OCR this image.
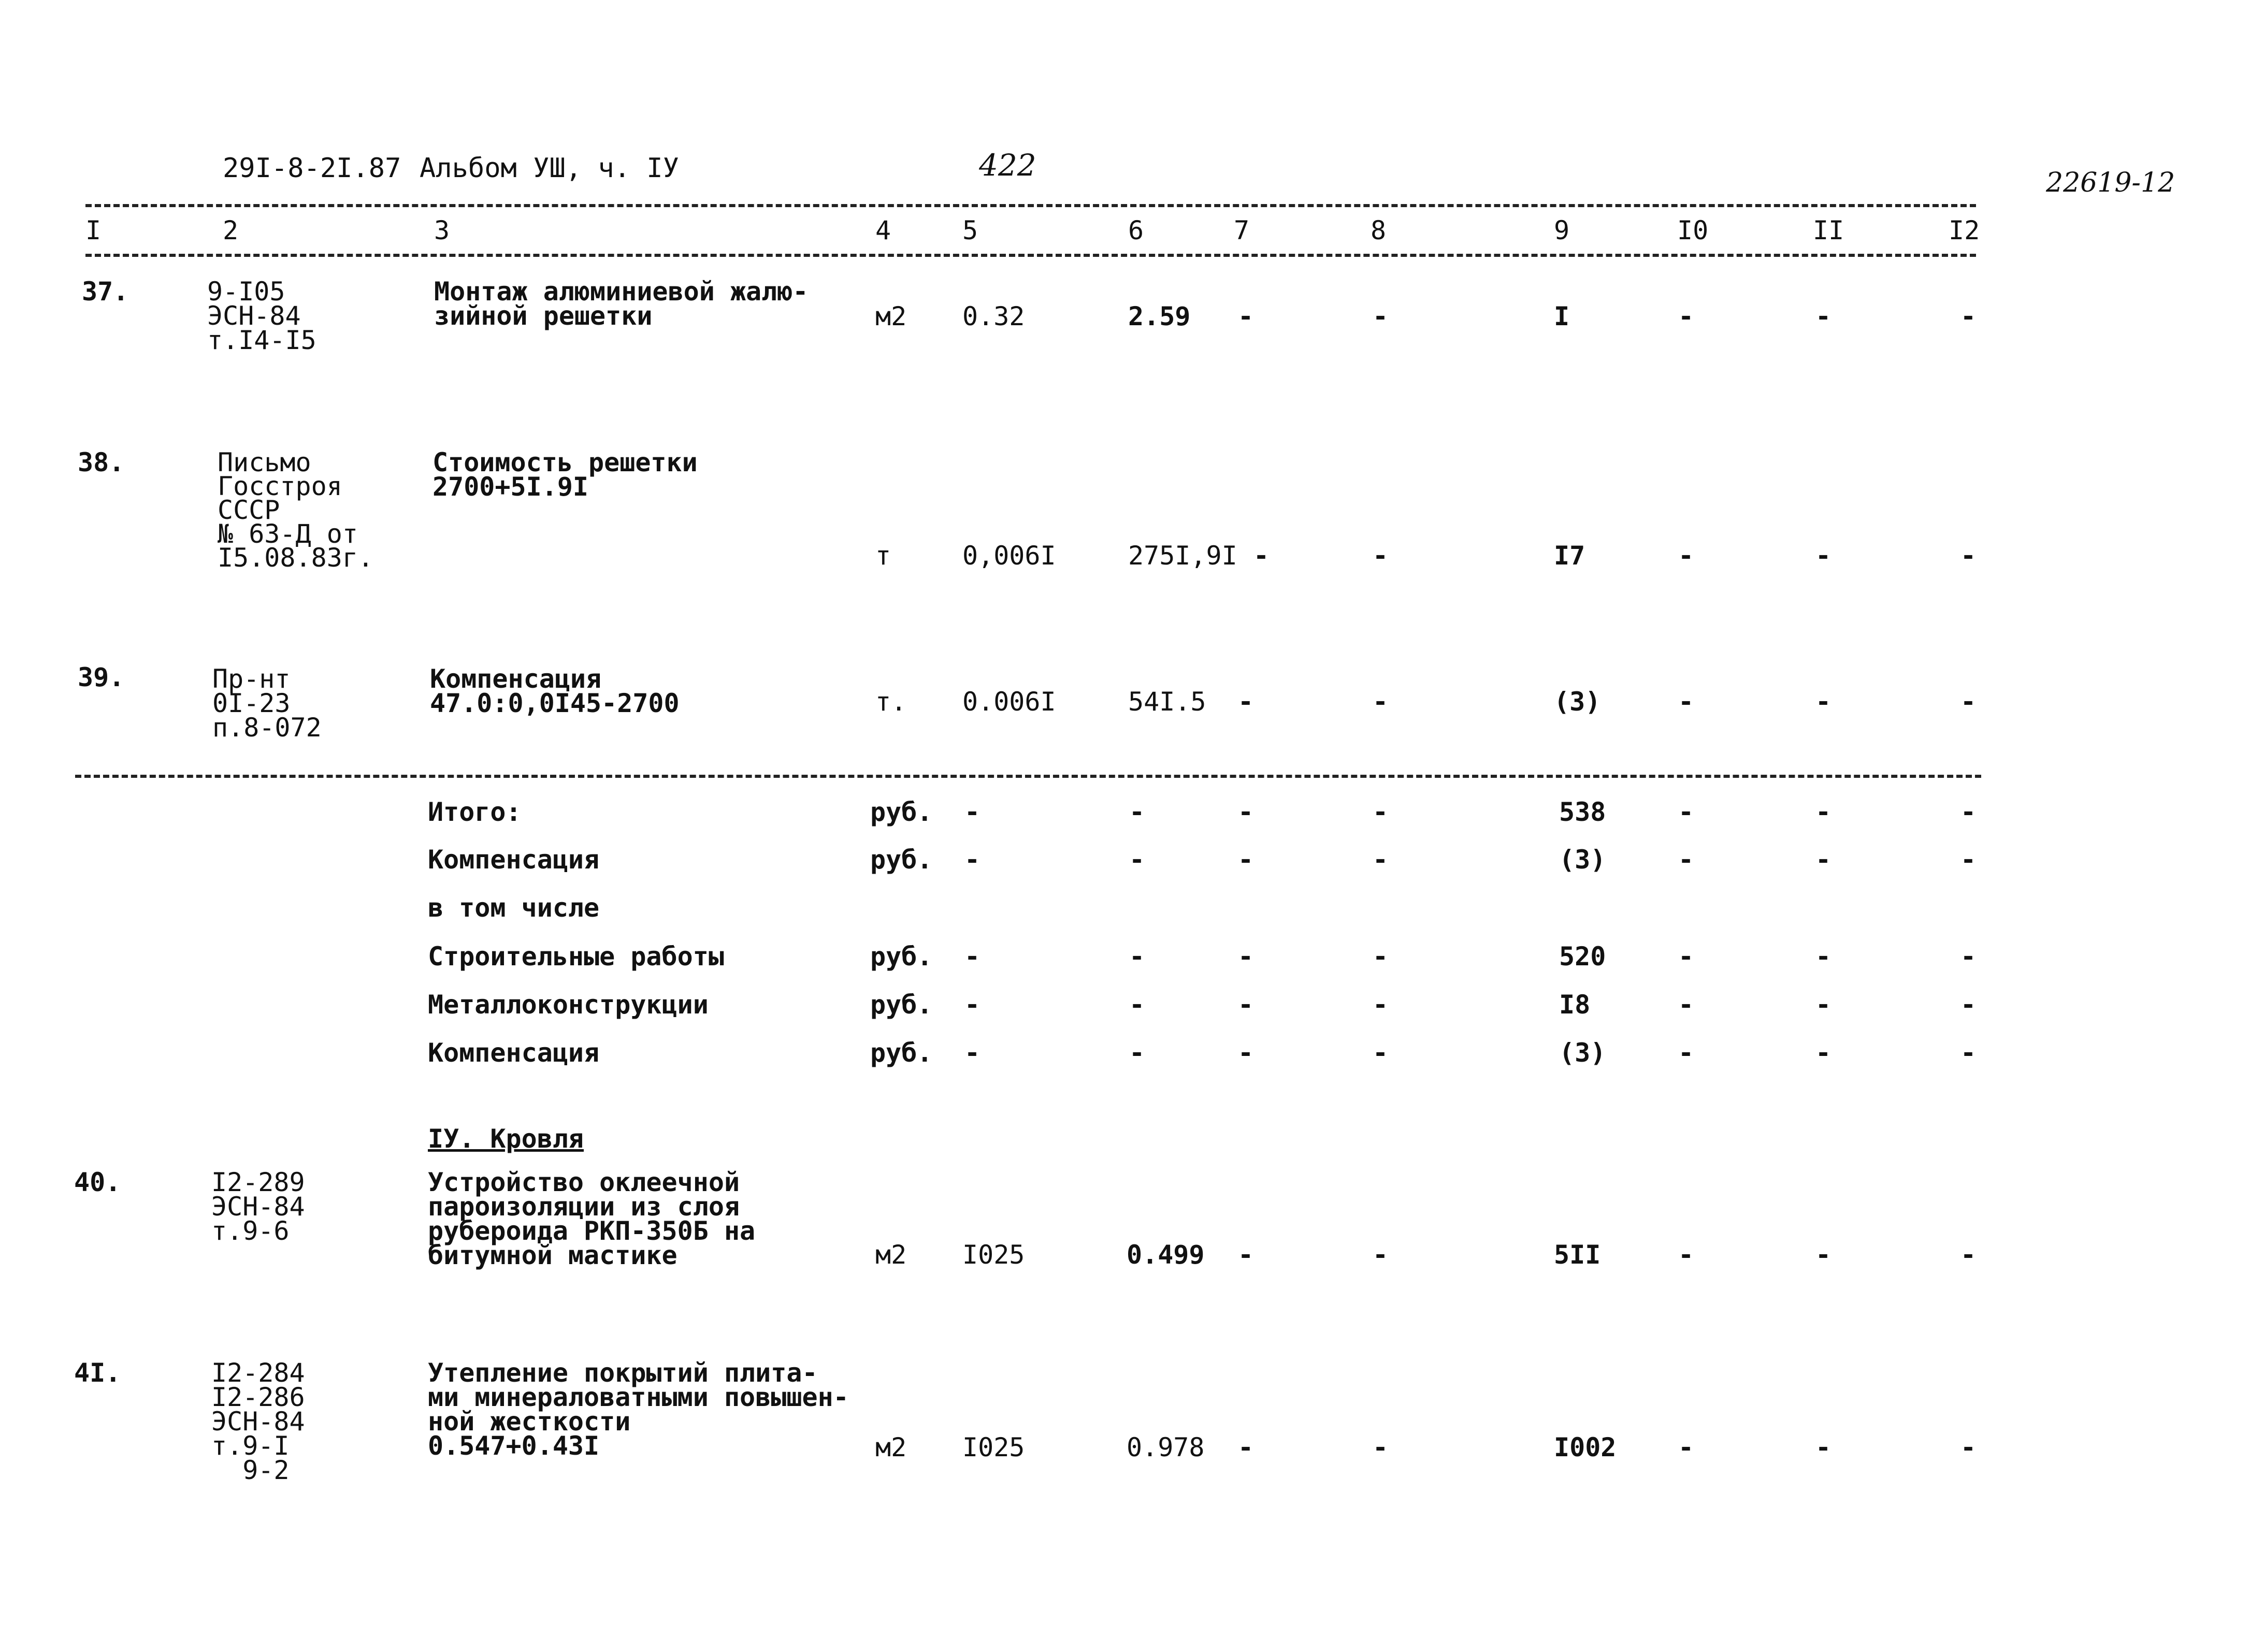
29I-8-2I.87 Альбом УШ, ч. IУ	422	22619-12
I	2	3	4	5	6	7	8	9	I0	II	I2
37.	9-I05
ЭСН-84
т.I4-I5
Монтаж алюминиевой жалю-
зийной решетки	м2 0.32	2.59 -	-	I	-	-	-
38.	Письмо
Госстроя
СССР
№ 63-Д от
I5.08.83г.
Стоимость решетки
2700+5I.9I
т	0,006I	275I,9I -	-	I7	-	-	-
39.	Пр-нт
0I-23
п.8-072
Компенсация
47.0:0,0I45-2700	т. 0.006I	54I.5 -	-	(3)	-	-	-
Итого:	руб. -	-	-	-	538	-	-	-
Компенсация	руб. -	-	-	-	(3)	-	-	-
в том числе
Строительные работы	руб. -	-	-	-	520	-	-	-
Металлоконструкции	руб. -	-	-	-	I8	-	-	-
Компенсация	руб. -	-	-	-	(3)	-	-	-
IУ. Кровля
40.	I2-289
ЭСН-84
т.9-6
Устройство оклеечной
пароизоляции из слоя
рубероида РКП-350Б на
битумной мастике	м2 I025	0.499 -	-	5II	-	-	-
4I.	I2-284
I2-286
ЭСН-84
т.9-I
9-2
Утепление покрытий плита-
ми минераловатными повышен-
ной жесткости
0.547+0.43I	м2 I025	0.978 -	-	I002 -	-	-
